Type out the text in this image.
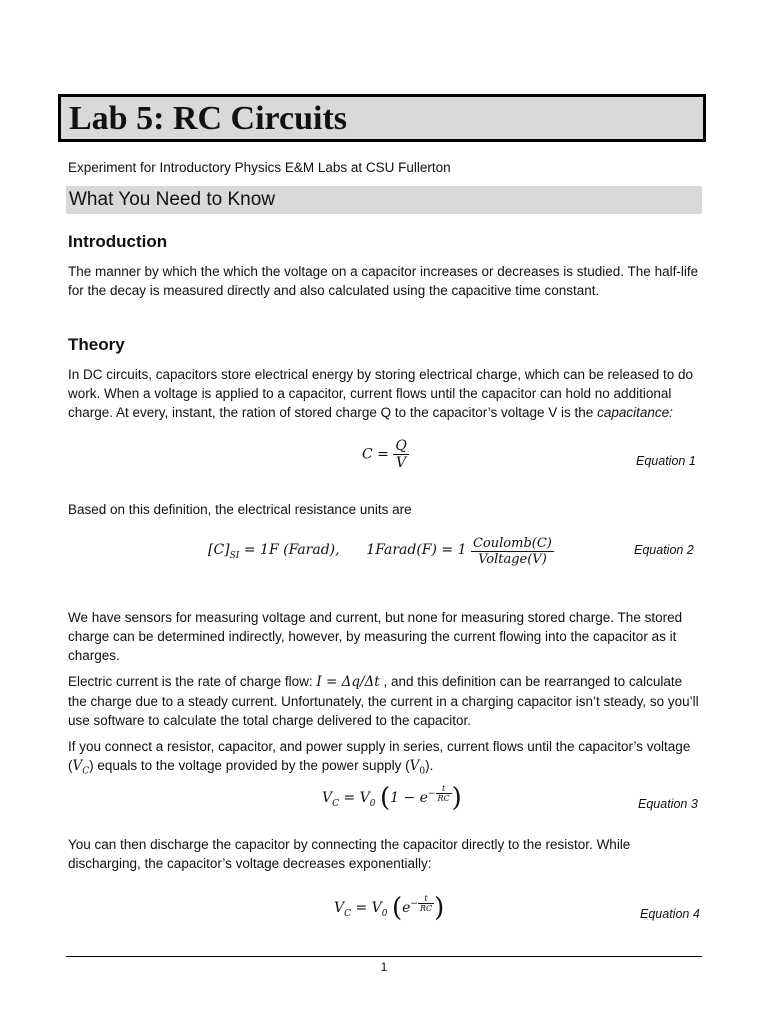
Lab 5: RC Circuits
Experiment for Introductory Physics E&M Labs at CSU Fullerton
What You Need to Know
Introduction

The manner by which the which the voltage on a capacitor increases or decreases is studied. The half-life for the decay is measured directly and also calculated using the capacitive time constant.

Theory

In DC circuits, capacitors store electrical energy by storing electrical charge, which can be released to do work. When a voltage is applied to a capacitor, current flows until the capacitor can hold no additional charge. At every, instant, the ration of stored charge Q to the capacitor’s voltage V is the capacitance:

$C = \frac{Q}{V}$	Equation 1

Based on this definition, the electrical resistance units are

$[C]_{SI} = 1F$ (Farad),      1Farad(F) = $1 \frac{\text{Coulomb(C)}}{\text{Voltage(V)}}$	Equation 2

We have sensors for measuring voltage and current, but none for measuring stored charge. The stored charge can be determined indirectly, however, by measuring the current flowing into the capacitor as it charges.

Electric current is the rate of charge flow: I = Δq/Δt , and this definition can be rearranged to calculate the charge due to a steady current. Unfortunately, the current in a charging capacitor isn’t steady, so you’ll use software to calculate the total charge delivered to the capacitor.

If you connect a resistor, capacitor, and power supply in series, current flows until the capacitor’s voltage $(V_C)$ equals to the voltage provided by the power supply $(V_0)$.

$V_C = V_0$ ($1 - e^{- \frac{t}{RC}}$ )	Equation 3

You can then discharge the capacitor by connecting the capacitor directly to the resistor. While discharging, the capacitor’s voltage decreases exponentially:

$V_C = V_0$ ($e^{- \frac{t}{RC}}$ )	Equation 4
1
